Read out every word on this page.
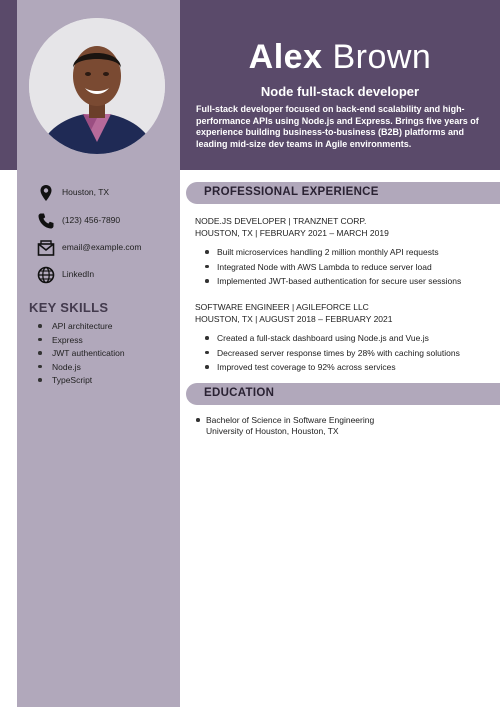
Alex Brown
Node full-stack developer
Full-stack developer focused on back-end scalability and high-performance APIs using Node.js and Express. Brings five years of experience building business-to-business (B2B) platforms and leading mid-size dev teams in Agile environments.
Houston, TX
(123) 456-7890
email@example.com
LinkedIn
KEY SKILLS
API architecture
Express
JWT authentication
Node.js
TypeScript
PROFESSIONAL EXPERIENCE
NODE.JS DEVELOPER | TRANZNET CORP.
HOUSTON, TX | FEBRUARY 2021 – MARCH 2019
Built microservices handling 2 million monthly API requests
Integrated Node with AWS Lambda to reduce server load
Implemented JWT-based authentication for secure user sessions
SOFTWARE ENGINEER | AGILEFORCE LLC
HOUSTON, TX | AUGUST 2018 – FEBRUARY 2021
Created a full-stack dashboard using Node.js and Vue.js
Decreased server response times by 28% with caching solutions
Improved test coverage to 92% across services
EDUCATION
Bachelor of Science in Software Engineering
University of Houston, Houston, TX
